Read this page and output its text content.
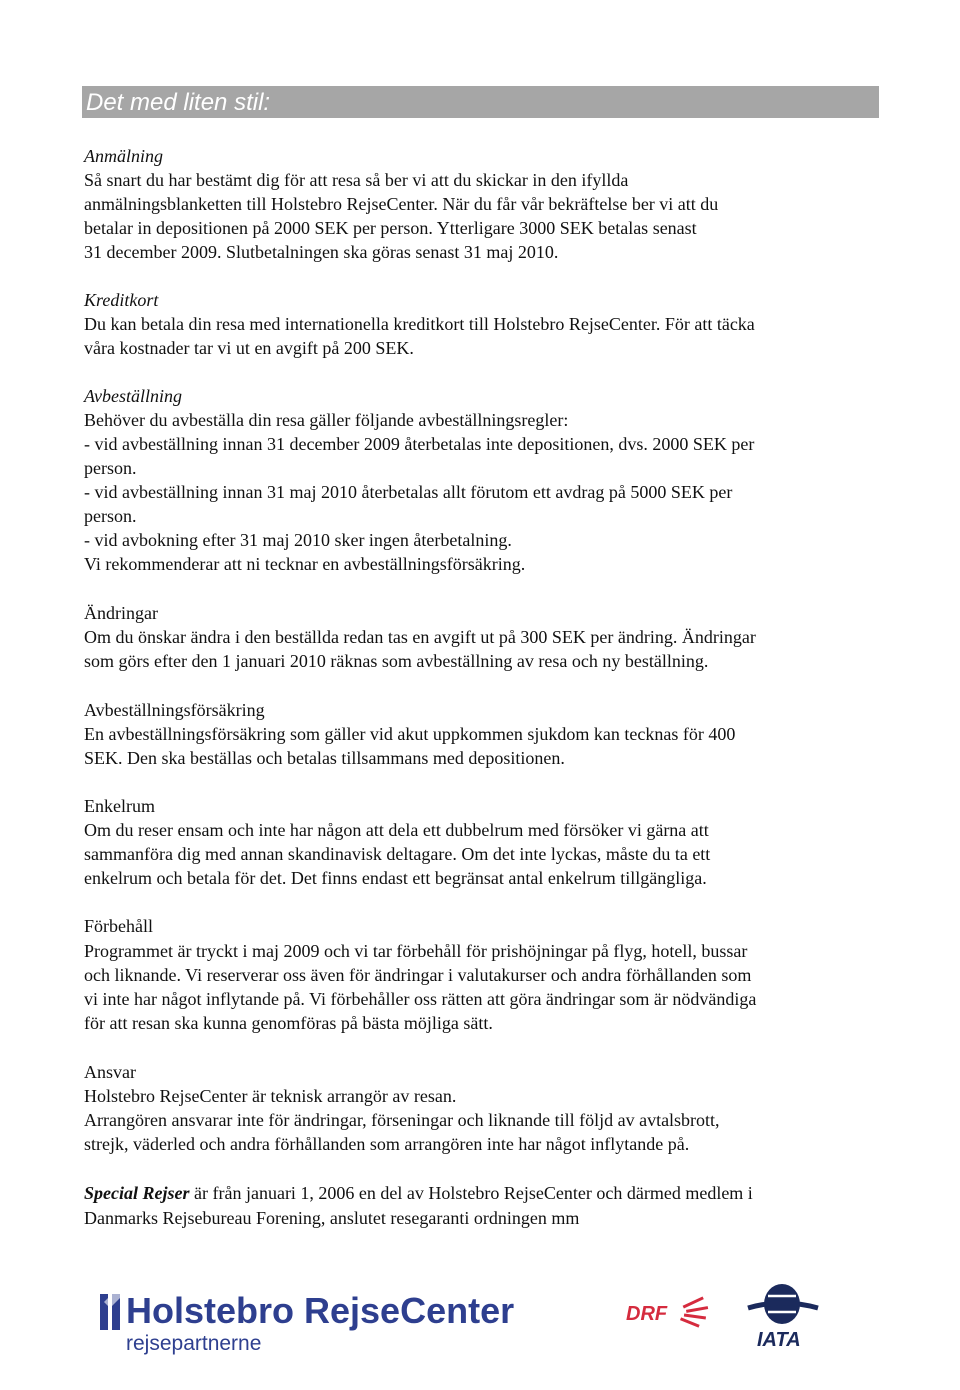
Det med liten stil:
Anmälning
Så snart du har bestämt dig för att resa så ber vi att du skickar in den ifyllda
anmälningsblanketten till Holstebro RejseCenter. När du får vår bekräftelse ber vi att du
betalar in depositionen på 2000 SEK per person. Ytterligare 3000 SEK betalas senast
31 december 2009. Slutbetalningen ska göras senast 31 maj 2010.
Kreditkort
Du kan betala din resa med internationella kreditkort till Holstebro RejseCenter. För att täcka
våra kostnader tar vi ut en avgift på 200 SEK.
Avbeställning
Behöver du avbeställa din resa gäller följande avbeställningsregler:
- vid avbeställning innan 31 december 2009 återbetalas inte depositionen, dvs. 2000 SEK per
person.
- vid avbeställning innan 31 maj 2010 återbetalas allt förutom ett avdrag på 5000 SEK per
person.
- vid avbokning efter 31 maj 2010 sker ingen återbetalning.
Vi rekommenderar att ni tecknar en avbeställningsförsäkring.
Ändringar
Om du önskar ändra i den beställda redan tas en avgift ut på 300 SEK per ändring. Ändringar
som görs efter den 1 januari 2010 räknas som avbeställning av resa och ny beställning.
Avbeställningsförsäkring
En avbeställningsförsäkring som gäller vid akut uppkommen sjukdom kan tecknas för 400
SEK. Den ska beställas och betalas tillsammans med depositionen.
Enkelrum
Om du reser ensam och inte har någon att dela ett dubbelrum med försöker vi gärna att
sammanföra dig med annan skandinavisk deltagare. Om det inte lyckas, måste du ta ett
enkelrum och betala för det. Det finns endast ett begränsat antal enkelrum tillgängliga.
Förbehåll
Programmet är tryckt i maj 2009 och vi tar förbehåll för prishöjningar på flyg, hotell, bussar
och liknande. Vi reserverar oss även för ändringar i valutakurser och andra förhållanden som
vi inte har något inflytande på. Vi förbehåller oss rätten att göra ändringar som är nödvändiga
för att resan ska kunna genomföras på bästa möjliga sätt.
Ansvar
Holstebro RejseCenter är teknisk arrangör av resan.
Arrangören ansvarar inte för ändringar, förseningar och liknande till följd av avtalsbrott,
strejk, väderled och andra förhållanden som arrangören inte har något inflytande på.
Special Rejser är från januari 1, 2006 en del av Holstebro RejseCenter och därmed medlem i
Danmarks Rejsebureau Forening, anslutet resegaranti ordningen mm
Holstebro RejseCenter
rejsepartnerne
DRF
IATA
